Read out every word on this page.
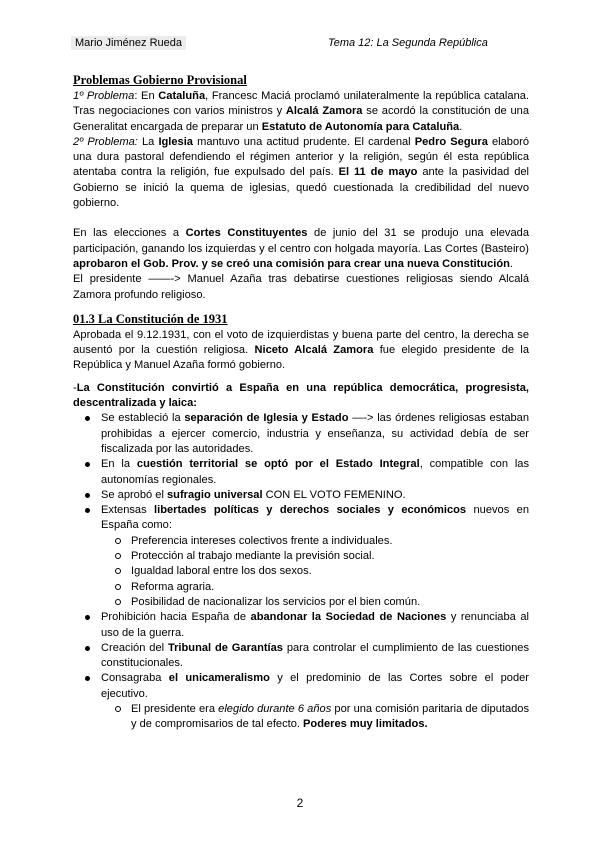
Mario Jiménez Rueda	Tema 12: La Segunda República
Problemas Gobierno Provisional

1º Problema: En Cataluña, Francesc Maciá proclamó unilateralmente la república catalana. Tras negociaciones con varios ministros y Alcalá Zamora se acordó la constitución de una Generalitat encargada de preparar un Estatuto de Autonomía para Cataluña.

2º Problema: La Iglesia mantuvo una actitud prudente. El cardenal Pedro Segura elaboró una dura pastoral defendiendo el régimen anterior y la religión, según él esta república atentaba contra la religión, fue expulsado del país. El 11 de mayo ante la pasividad del Gobierno se inició la quema de iglesias, quedó cuestionada la credibilidad del nuevo gobierno.

En las elecciones a Cortes Constituyentes de junio del 31 se produjo una elevada participación, ganando los izquierdas y el centro con holgada mayoría. Las Cortes (Basteiro) aprobaron el Gob. Prov. y se creó una comisión para crear una nueva Constitución.

El presidente ——-> Manuel Azaña tras debatirse cuestiones religiosas siendo Alcalá Zamora profundo religioso.

01.3 La Constitución de 1931

Aprobada el 9.12.1931, con el voto de izquierdistas y buena parte del centro, la derecha se ausentó por la cuestión religiosa. Niceto Alcalá Zamora fue elegido presidente de la República y Manuel Azaña formó gobierno.

-La Constitución convirtió a España en una república democrática, progresista, descentralizada y laica:

Se estableció la separación de Iglesia y Estado —-> las órdenes religiosas estaban prohibidas a ejercer comercio, industria y enseñanza, su actividad debía de ser fiscalizada por las autoridades.
En la cuestión territorial se optó por el Estado Integral, compatible con las autonomías regionales.
Se aprobó el sufragio universal CON EL VOTO FEMENINO.
Extensas libertades políticas y derechos sociales y económicos nuevos en España como:
Preferencia intereses colectivos frente a individuales.
Protección al trabajo mediante la previsión social.
Igualdad laboral entre los dos sexos.
Reforma agraria.
Posibilidad de nacionalizar los servicios por el bien común.
Prohibición hacia España de abandonar la Sociedad de Naciones y renunciaba al uso de la guerra.
Creación del Tribunal de Garantías para controlar el cumplimiento de las cuestiones constitucionales.
Consagraba el unicameralismo y el predominio de las Cortes sobre el poder ejecutivo.
El presidente era elegido durante 6 años por una comisión paritaria de diputados y de compromisarios de tal efecto. Poderes muy limitados.
2
